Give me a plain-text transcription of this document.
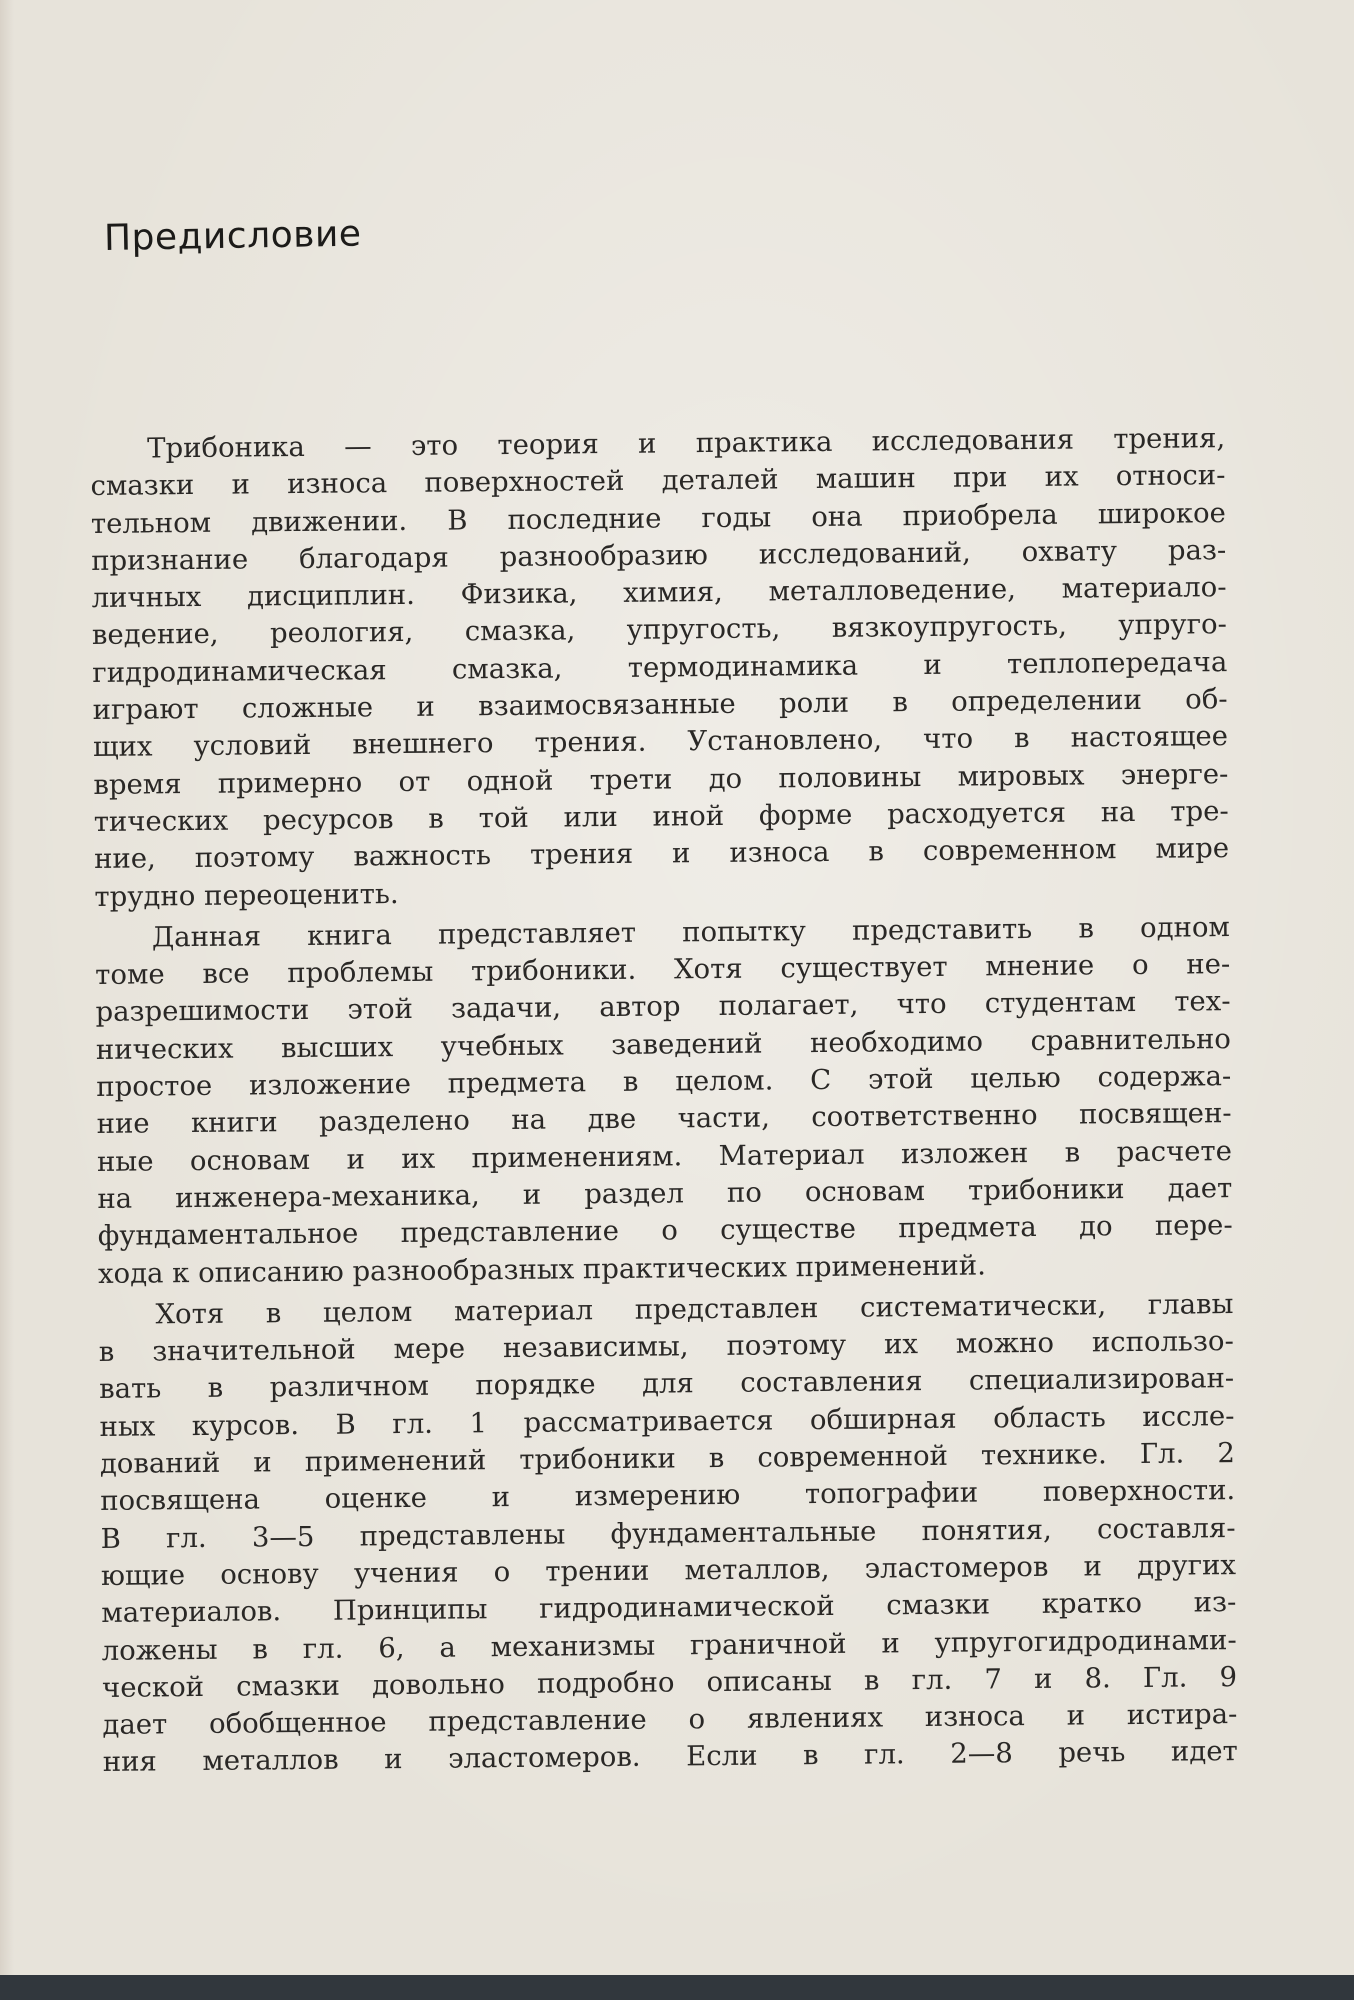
Предисловие
Трибоника — это теория и практика исследования трения,
смазки и износа поверхностей деталей машин при их относи-
тельном движении. В последние годы она приобрела широкое
признание благодаря разнообразию исследований, охвату раз-
личных дисциплин. Физика, химия, металловедение, материало-
ведение, реология, смазка, упругость, вязкоупругость, упруго-
гидродинамическая смазка, термодинамика и теплопередача
играют сложные и взаимосвязанные роли в определении об-
щих условий внешнего трения. Установлено, что в настоящее
время примерно от одной трети до половины мировых энерге-
тических ресурсов в той или иной форме расходуется на тре-
ние, поэтому важность трения и износа в современном мире
трудно переоценить.
Данная книга представляет попытку представить в одном
томе все проблемы трибоники. Хотя существует мнение о не-
разрешимости этой задачи, автор полагает, что студентам тех-
нических высших учебных заведений необходимо сравнительно
простое изложение предмета в целом. С этой целью содержа-
ние книги разделено на две части, соответственно посвящен-
ные основам и их применениям. Материал изложен в расчете
на инженера-механика, и раздел по основам трибоники дает
фундаментальное представление о существе предмета до пере-
хода к описанию разнообразных практических применений.
Хотя в целом материал представлен систематически, главы
в значительной мере независимы, поэтому их можно использо-
вать в различном порядке для составления специализирован-
ных курсов. В гл. 1 рассматривается обширная область иссле-
дований и применений трибоники в современной технике. Гл. 2
посвящена оценке и измерению топографии поверхности.
В гл. 3—5 представлены фундаментальные понятия, составля-
ющие основу учения о трении металлов, эластомеров и других
материалов. Принципы гидродинамической смазки кратко из-
ложены в гл. 6, а механизмы граничной и упругогидродинами-
ческой смазки довольно подробно описаны в гл. 7 и 8. Гл. 9
дает обобщенное представление о явлениях износа и истира-
ния металлов и эластомеров. Если в гл. 2—8 речь идет
